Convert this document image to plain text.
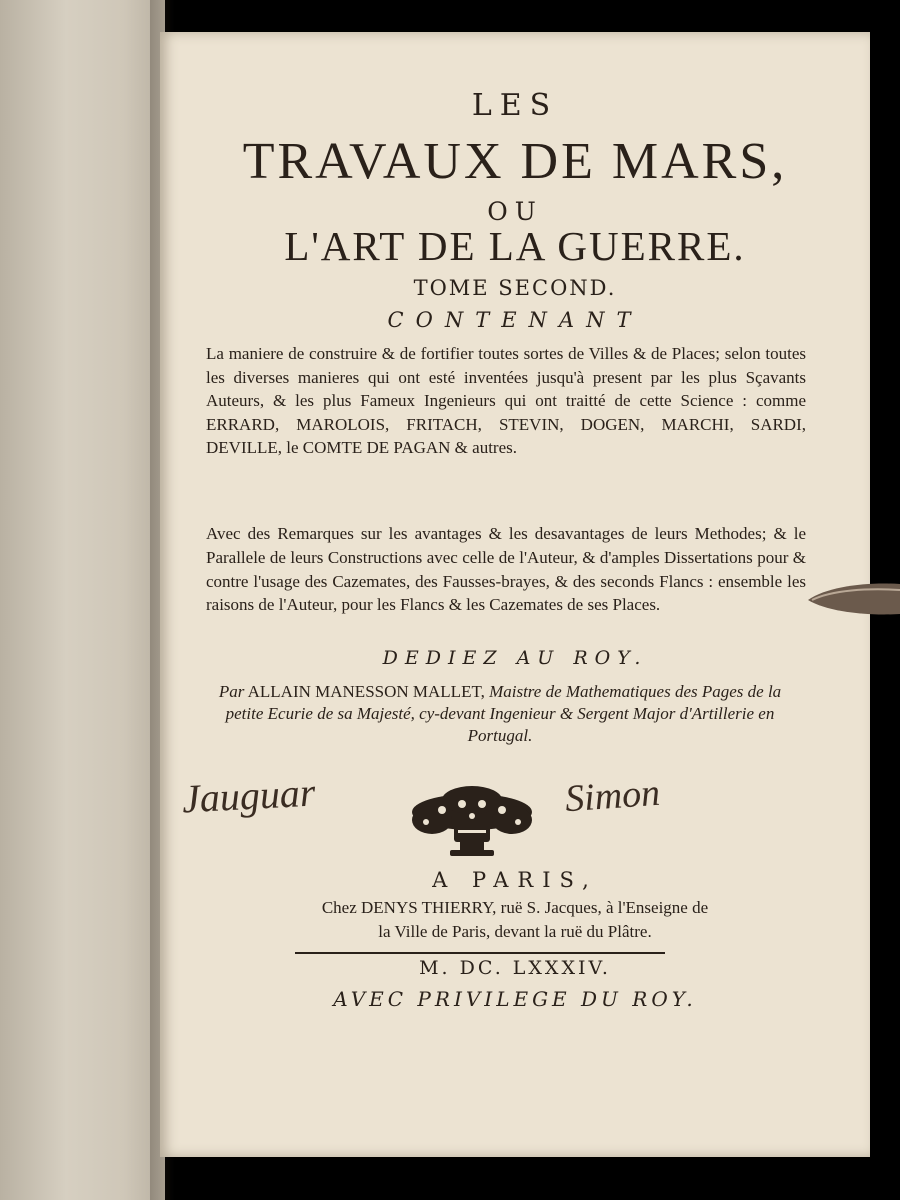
LES
TRAVAUX DE MARS,
OU
L'ART DE LA GUERRE.
TOME SECOND.
CONTENANT
La maniere de construire & de fortifier toutes sortes de Villes & de Places; selon toutes les diverses manieres qui ont esté inventées jusqu'à present par les plus Sçavants Auteurs, & les plus Fameux Ingenieurs qui ont traitté de cette Science : comme ERRARD, MAROLOIS, FRITACH, STEVIN, DOGEN, MARCHI, SARDI, DEVILLE, le COMTE DE PAGAN & autres.
Avec des Remarques sur les avantages & les desavantages de leurs Methodes; & le Parallele de leurs Constructions avec celle de l'Auteur, & d'amples Dissertations pour & contre l'usage des Cazemates, des Fausses-brayes, & des seconds Flancs : ensemble les raisons de l'Auteur, pour les Flancs & les Cazemates de ses Places.
DEDIEZ AU ROY.
Par ALLAIN MANESSON MALLET, Maistre de Mathematiques des Pages de la petite Ecurie de sa Majesté, cy-devant Ingenieur & Sergent Major d'Artillerie en Portugal.
Jauguar	Simon
A PARIS,
Chez DENYS THIERRY, ruë S. Jacques, à l'Enseigne de
la Ville de Paris, devant la ruë du Plâtre.
M. DC. LXXXIV.
AVEC PRIVILEGE DU ROY.
